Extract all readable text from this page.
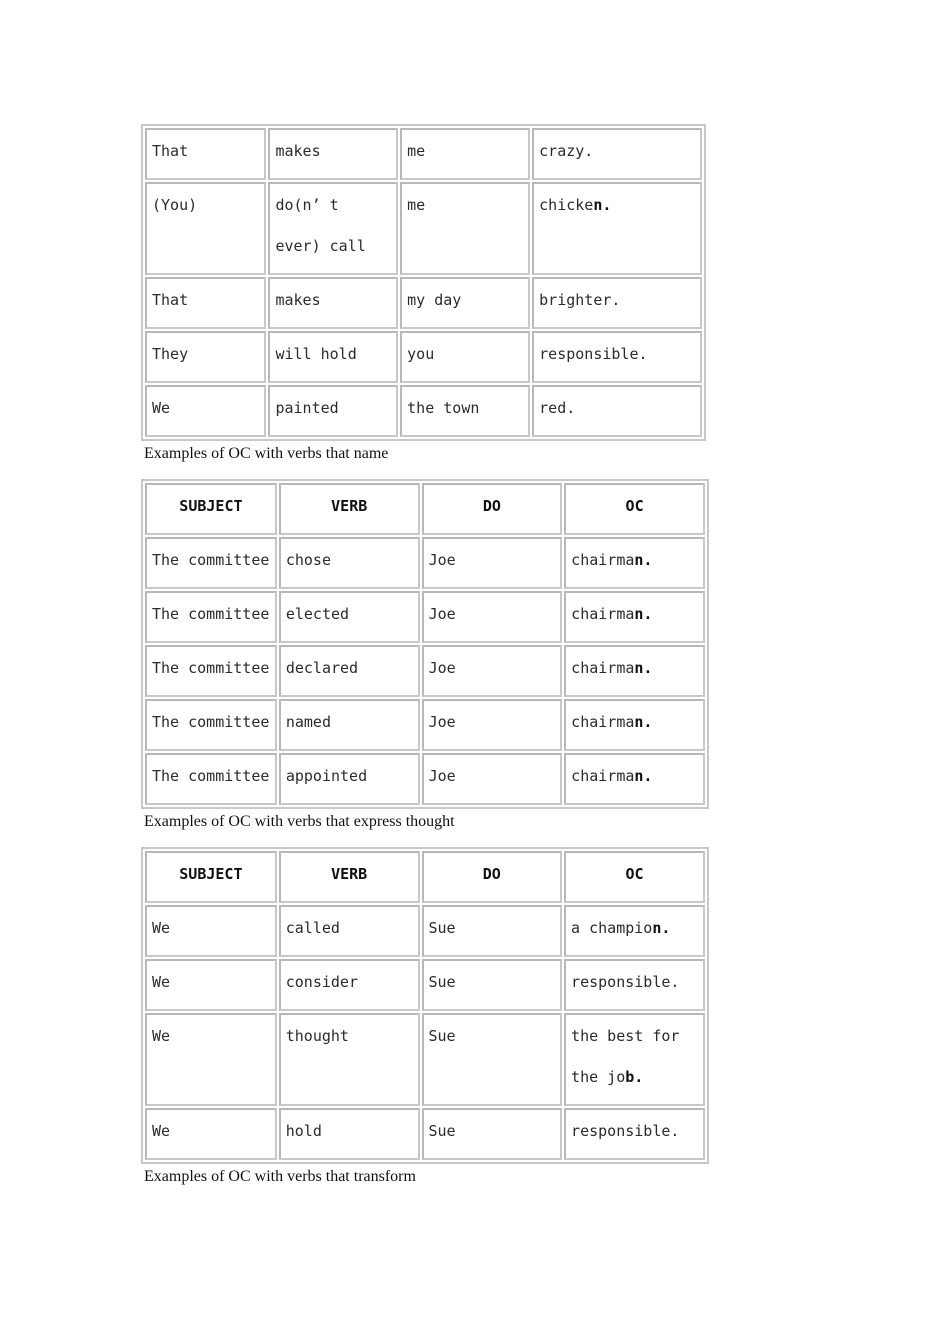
That	makes	me	crazy.
(You)	do(n’ t ever) call	me	chicken.
That	makes	my day	brighter.
They	will hold	you	responsible.
We	painted	the town	red.
Examples of OC with verbs that name
SUBJECT	VERB	DO	OC
The committee	chose	Joe	chairman.
The committee	elected	Joe	chairman.
The committee	declared	Joe	chairman.
The committee	named	Joe	chairman.
The committee	appointed	Joe	chairman.
Examples of OC with verbs that express thought
SUBJECT	VERB	DO	OC
We	called	Sue	a champion.
We	consider	Sue	responsible.
We	thought	Sue	the best for the job.
We	hold	Sue	responsible.
Examples of OC with verbs that transform
